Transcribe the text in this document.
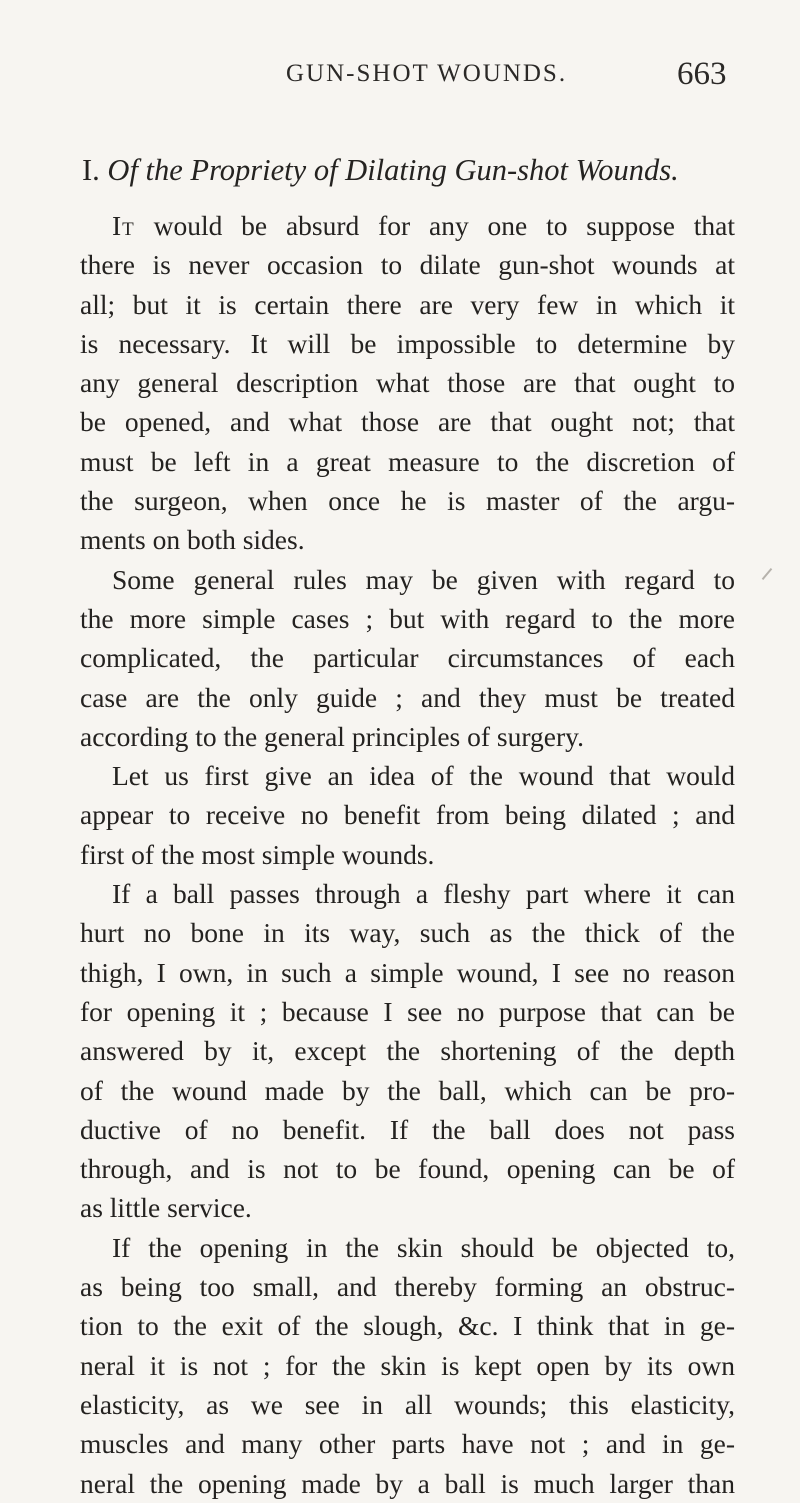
GUN-SHOT WOUNDS.	663
I. Of the Propriety of Dilating Gun-shot Wounds.
It would be absurd for any one to suppose that
there is never occasion to dilate gun-shot wounds at
all; but it is certain there are very few in which it
is necessary. It will be impossible to determine by
any general description what those are that ought to
be opened, and what those are that ought not; that
must be left in a great measure to the discretion of
the surgeon, when once he is master of the argu-
ments on both sides.
Some general rules may be given with regard to
the more simple cases ; but with regard to the more
complicated, the particular circumstances of each
case are the only guide ; and they must be treated
according to the general principles of surgery.
Let us first give an idea of the wound that would
appear to receive no benefit from being dilated ; and
first of the most simple wounds.
If a ball passes through a fleshy part where it can
hurt no bone in its way, such as the thick of the
thigh, I own, in such a simple wound, I see no reason
for opening it ; because I see no purpose that can be
answered by it, except the shortening of the depth
of the wound made by the ball, which can be pro-
ductive of no benefit. If the ball does not pass
through, and is not to be found, opening can be of
as little service.
If the opening in the skin should be objected to,
as being too small, and thereby forming an obstruc-
tion to the exit of the slough, &c. I think that in ge-
neral it is not ; for the skin is kept open by its own
elasticity, as we see in all wounds; this elasticity,
muscles and many other parts have not ; and in ge-
neral the opening made by a ball is much larger than
